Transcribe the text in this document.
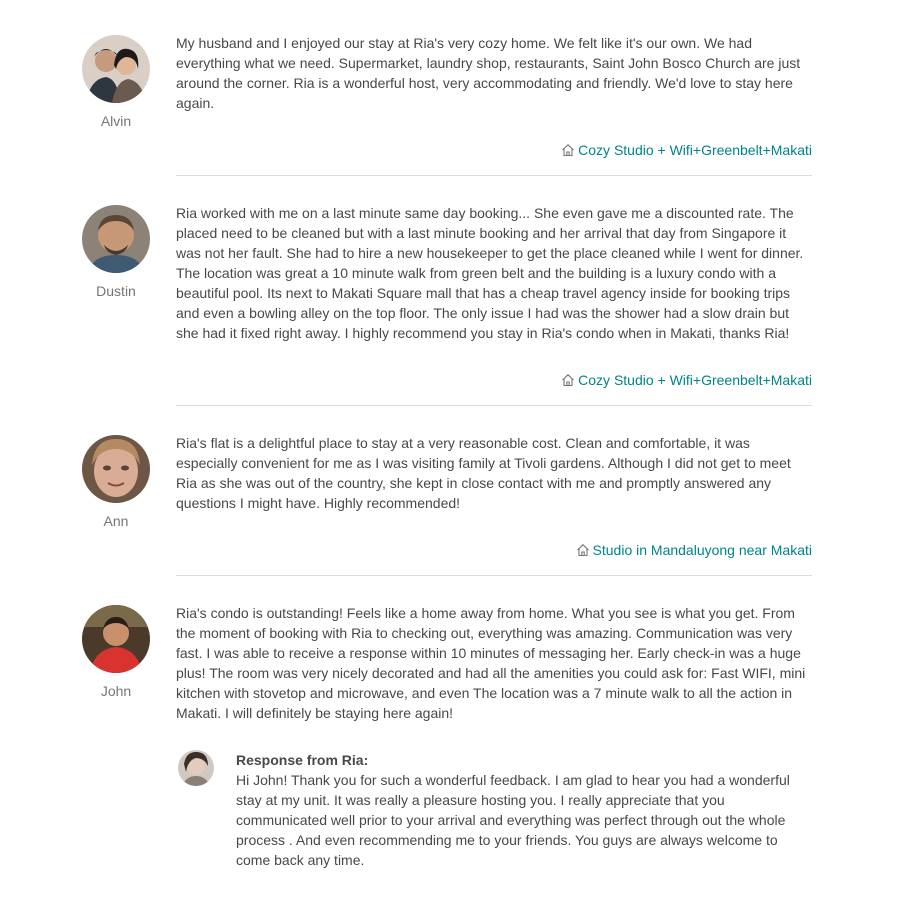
Alvin

My husband and I enjoyed our stay at Ria's very cozy home. We felt like it's our own. We had everything what we need. Supermarket, laundry shop, restaurants, Saint John Bosco Church are just around the corner. Ria is a wonderful host, very accommodating and friendly. We'd love to stay here again.

Cozy Studio + Wifi+Greenbelt+Makati
Dustin

Ria worked with me on a last minute same day booking... She even gave me a discounted rate. The placed need to be cleaned but with a last minute booking and her arrival that day from Singapore it was not her fault. She had to hire a new housekeeper to get the place cleaned while I went for dinner. The location was great a 10 minute walk from green belt and the building is a luxury condo with a beautiful pool. Its next to Makati Square mall that has a cheap travel agency inside for booking trips and even a bowling alley on the top floor. The only issue I had was the shower had a slow drain but she had it fixed right away. I highly recommend you stay in Ria's condo when in Makati, thanks Ria!

Cozy Studio + Wifi+Greenbelt+Makati
Ann

Ria's flat is a delightful place to stay at a very reasonable cost. Clean and comfortable, it was especially convenient for me as I was visiting family at Tivoli gardens. Although I did not get to meet Ria as she was out of the country, she kept in close contact with me and promptly answered any questions I might have. Highly recommended!

Studio in Mandaluyong near Makati
John

Ria's condo is outstanding! Feels like a home away from home. What you see is what you get. From the moment of booking with Ria to checking out, everything was amazing. Communication was very fast. I was able to receive a response within 10 minutes of messaging her. Early check-in was a huge plus! The room was very nicely decorated and had all the amenities you could ask for: Fast WIFI, mini kitchen with stovetop and microwave, and even The location was a 7 minute walk to all the action in Makati. I will definitely be staying here again!

Response from Ria:

Hi John! Thank you for such a wonderful feedback. I am glad to hear you had a wonderful stay at my unit. It was really a pleasure hosting you. I really appreciate that you communicated well prior to your arrival and everything was perfect through out the whole process . And even recommending me to your friends. You guys are always welcome to come back any time.
